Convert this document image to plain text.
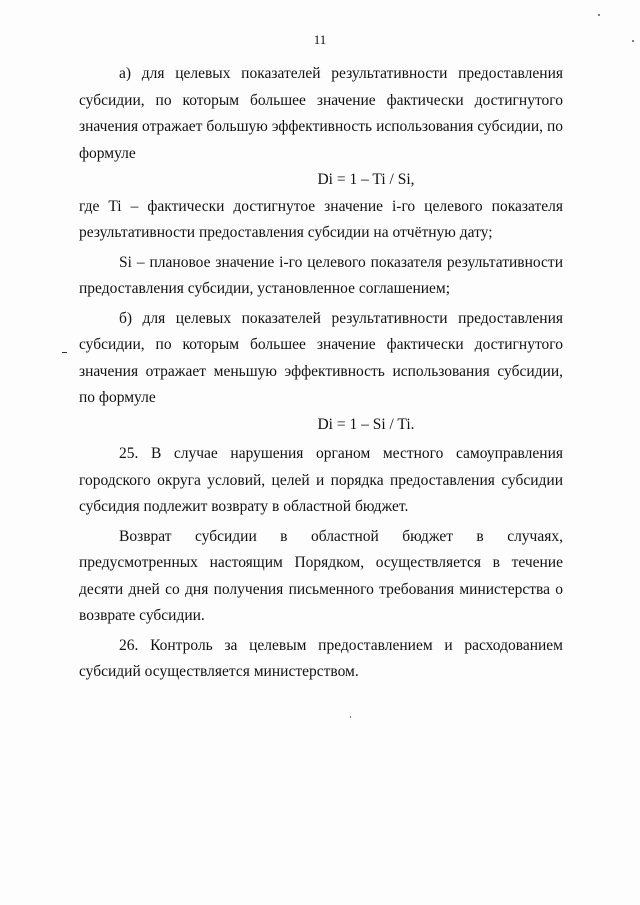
11

а) для целевых показателей результативности предоставления субсидии, по которым большее значение фактически достигнутого значения отражает большую эффективность использования субсидии, по формуле

Di = 1 – Ti / Si,

где Ti – фактически достигнутое значение i-го целевого показателя результативности предоставления субсидии на отчётную дату;

Si – плановое значение i-го целевого показателя результативности предоставления субсидии, установленное соглашением;

б) для целевых показателей результативности предоставления субсидии, по которым большее значение фактически достигнутого значения отражает меньшую эффективность использования субсидии, по формуле

Di = 1 – Si / Ti.

25. В случае нарушения органом местного самоуправления городского округа условий, целей и порядка предоставления субсидии субсидия подлежит возврату в областной бюджет.

Возврат субсидии в областной бюджет в случаях, предусмотренных настоящим Порядком, осуществляется в течение десяти дней со дня получения письменного требования министерства о возврате субсидии.

26. Контроль за целевым предоставлением и расходованием субсидий осуществляется министерством.
